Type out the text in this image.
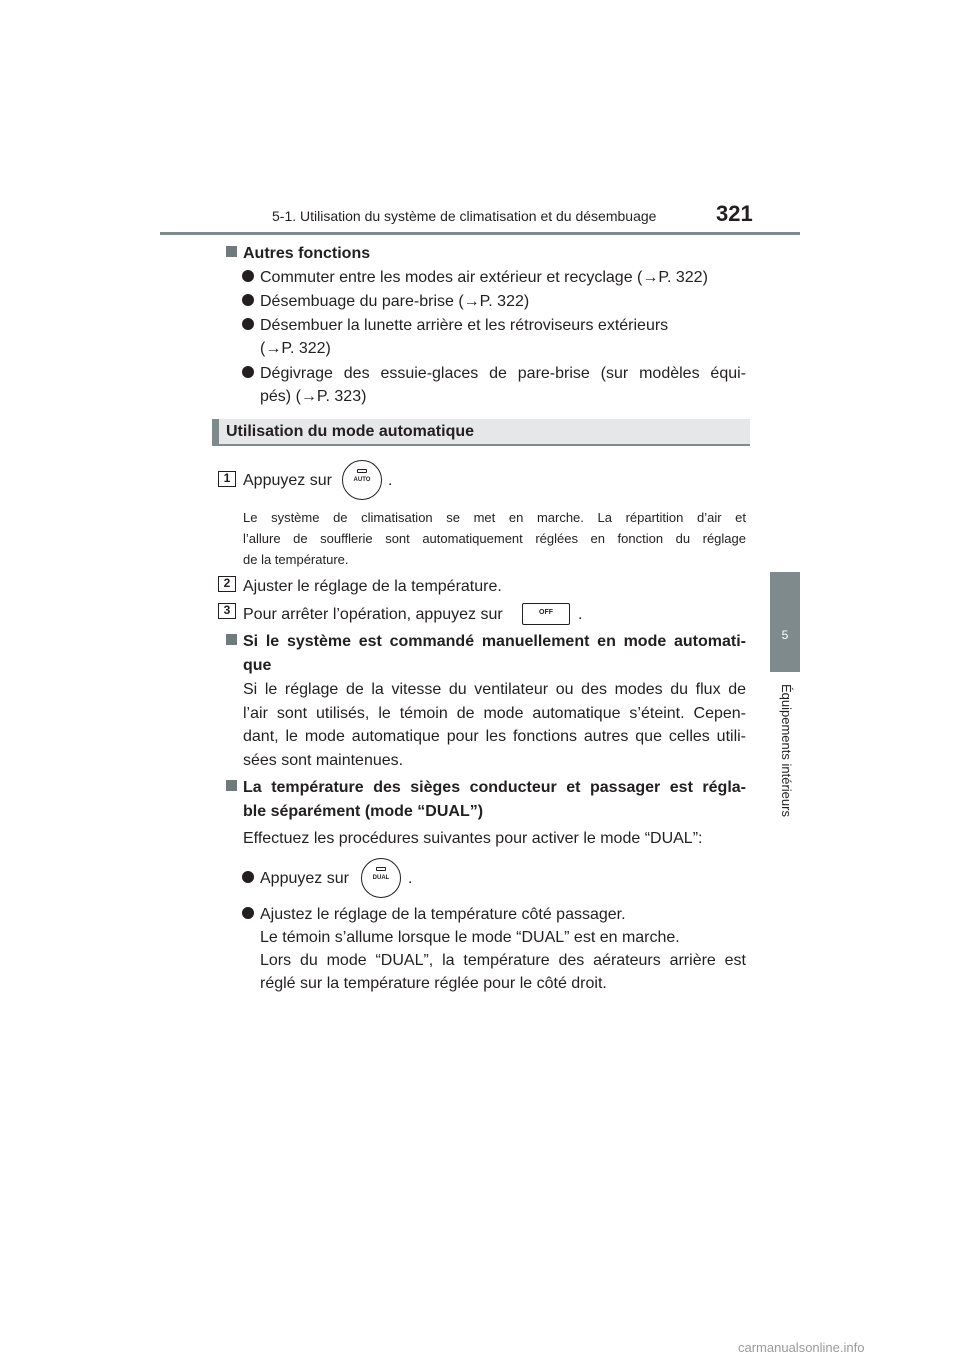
5-1. Utilisation du système de climatisation et du désembuage	321
5
Équipements intérieurs
Autres fonctions
Commuter entre les modes air extérieur et recyclage (→P. 322)
Désembuage du pare-brise (→P. 322)
Désembuer la lunette arrière et les rétroviseurs extérieurs
(→P. 322)
Dégivrage des essuie-glaces de pare-brise (sur modèles équi-
pés) (→P. 323)
Utilisation du mode automatique
1 Appuyez sur	AUTO	.
Le système de climatisation se met en marche. La répartition d’air et
l’allure de soufflerie sont automatiquement réglées en fonction du réglage
de la température.
2 Ajuster le réglage de la température.
3 Pour arrêter l’opération, appuyez sur	OFF	.
Si le système est commandé manuellement en mode automati-
que
Si le réglage de la vitesse du ventilateur ou des modes du flux de
l’air sont utilisés, le témoin de mode automatique s’éteint. Cepen-
dant, le mode automatique pour les fonctions autres que celles utili-
sées sont maintenues.
La température des sièges conducteur et passager est régla-
ble séparément (mode “DUAL”)
Effectuez les procédures suivantes pour activer le mode “DUAL”:
Appuyez sur	DUAL	.
Ajustez le réglage de la température côté passager.
Le témoin s’allume lorsque le mode “DUAL” est en marche.
Lors du mode “DUAL”, la température des aérateurs arrière est
réglé sur la température réglée pour le côté droit.
carmanualsonline.info
